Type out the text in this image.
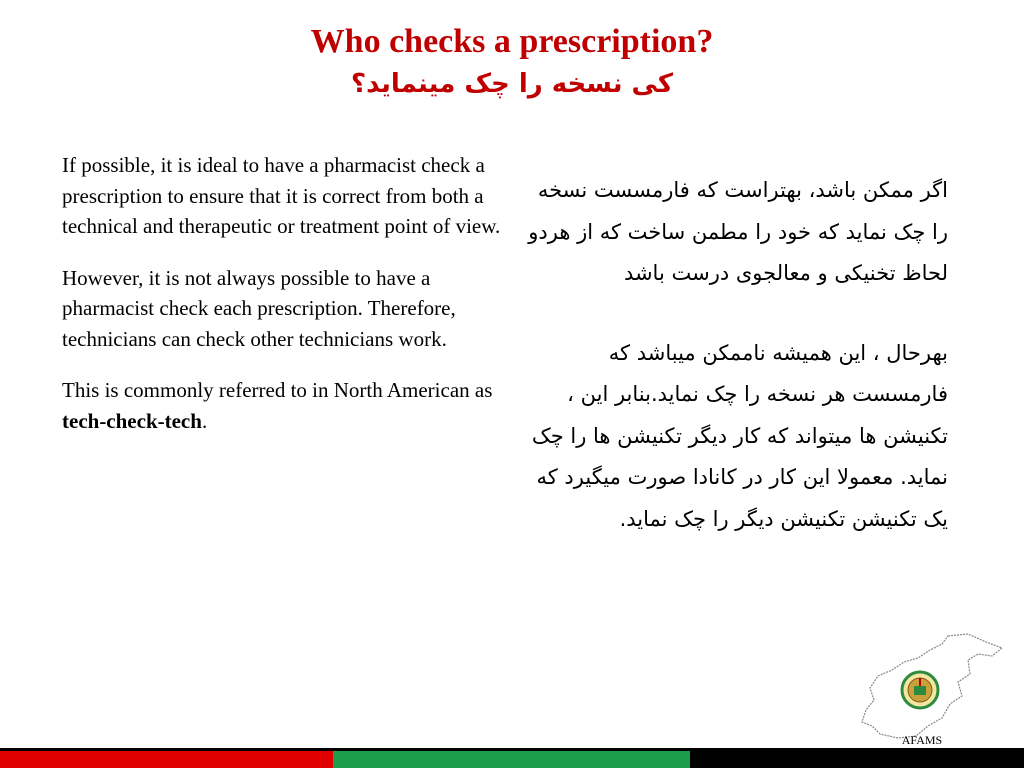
Who checks a prescription?
کی نسخه را چک مینماید؟

If possible, it is ideal to have a pharmacist check a prescription to ensure that it is correct from both a technical and therapeutic or treatment point of view.

However, it is not always possible to have a pharmacist check each prescription. Therefore, technicians can check other technicians work.

This is commonly referred to in North American as tech-check-tech.

اگر ممکن باشد، بهتراست که فارمسست نسخه را چک نماید که خود را مطمن ساخت که از هردو لحاظ تخنیکی و معالجوی درست باشد

بهرحال ، این همیشه ناممکن میباشد که فارمسست هر نسخه را چک نماید.بنابر این ، تکنیشن ها میتواند که کار دیگر تکنیشن ها را چک نماید. معمولا این کار در کانادا صورت میگیرد که یک تکنیشن تکنیشن دیگر را چک نماید.

AFAMS
